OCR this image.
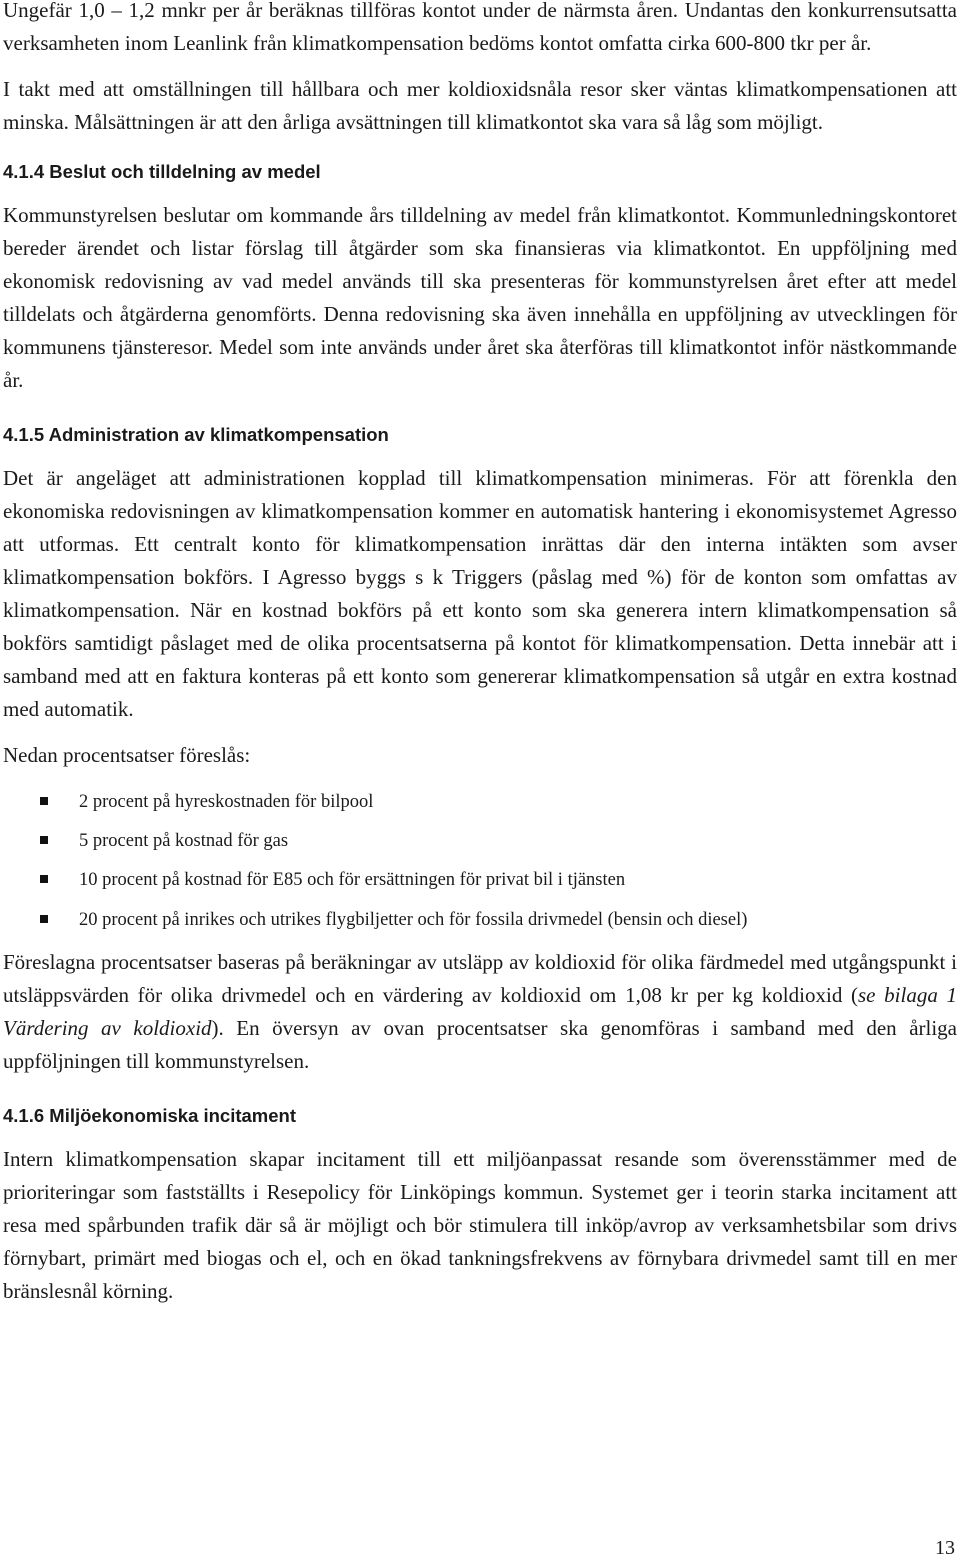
Ungefär 1,0 – 1,2 mnkr per år beräknas tillföras kontot under de närmsta åren. Undantas den konkurrensutsatta verksamheten inom Leanlink från klimatkompensation bedöms kontot omfatta cirka 600-800 tkr per år.

I takt med att omställningen till hållbara och mer koldioxidsnåla resor sker väntas klimatkompensationen att minska. Målsättningen är att den årliga avsättningen till klimatkontot ska vara så låg som möjligt.

4.1.4 Beslut och tilldelning av medel

Kommunstyrelsen beslutar om kommande års tilldelning av medel från klimatkontot. Kommunledningskontoret bereder ärendet och listar förslag till åtgärder som ska finansieras via klimatkontot. En uppföljning med ekonomisk redovisning av vad medel används till ska presenteras för kommunstyrelsen året efter att medel tilldelats och åtgärderna genomförts. Denna redovisning ska även innehålla en uppföljning av utvecklingen för kommunens tjänsteresor. Medel som inte används under året ska återföras till klimatkontot inför nästkommande år.

4.1.5 Administration av klimatkompensation

Det är angeläget att administrationen kopplad till klimatkompensation minimeras. För att förenkla den ekonomiska redovisningen av klimatkompensation kommer en automatisk hantering i ekonomisystemet Agresso att utformas. Ett centralt konto för klimatkompensation inrättas där den interna intäkten som avser klimatkompensation bokförs. I Agresso byggs s k Triggers (påslag med %) för de konton som omfattas av klimatkompensation. När en kostnad bokförs på ett konto som ska generera intern klimatkompensation så bokförs samtidigt påslaget med de olika procentsatserna på kontot för klimatkompensation. Detta innebär att i samband med att en faktura konteras på ett konto som genererar klimatkompensation så utgår en extra kostnad med automatik.

Nedan procentsatser föreslås:

2 procent på hyreskostnaden för bilpool
5 procent på kostnad för gas
10 procent på kostnad för E85 och för ersättningen för privat bil i tjänsten
20 procent på inrikes och utrikes flygbiljetter och för fossila drivmedel (bensin och diesel)

Föreslagna procentsatser baseras på beräkningar av utsläpp av koldioxid för olika färdmedel med utgångspunkt i utsläppsvärden för olika drivmedel och en värdering av koldioxid om 1,08 kr per kg koldioxid (se bilaga 1 Värdering av koldioxid). En översyn av ovan procentsatser ska genomföras i samband med den årliga uppföljningen till kommunstyrelsen.

4.1.6 Miljöekonomiska incitament

Intern klimatkompensation skapar incitament till ett miljöanpassat resande som överensstämmer med de prioriteringar som fastställts i Resepolicy för Linköpings kommun. Systemet ger i teorin starka incitament att resa med spårbunden trafik där så är möjligt och bör stimulera till inköp/avrop av verksamhetsbilar som drivs förnybart, primärt med biogas och el, och en ökad tankningsfrekvens av förnybara drivmedel samt till en mer bränslesnål körning.

13
